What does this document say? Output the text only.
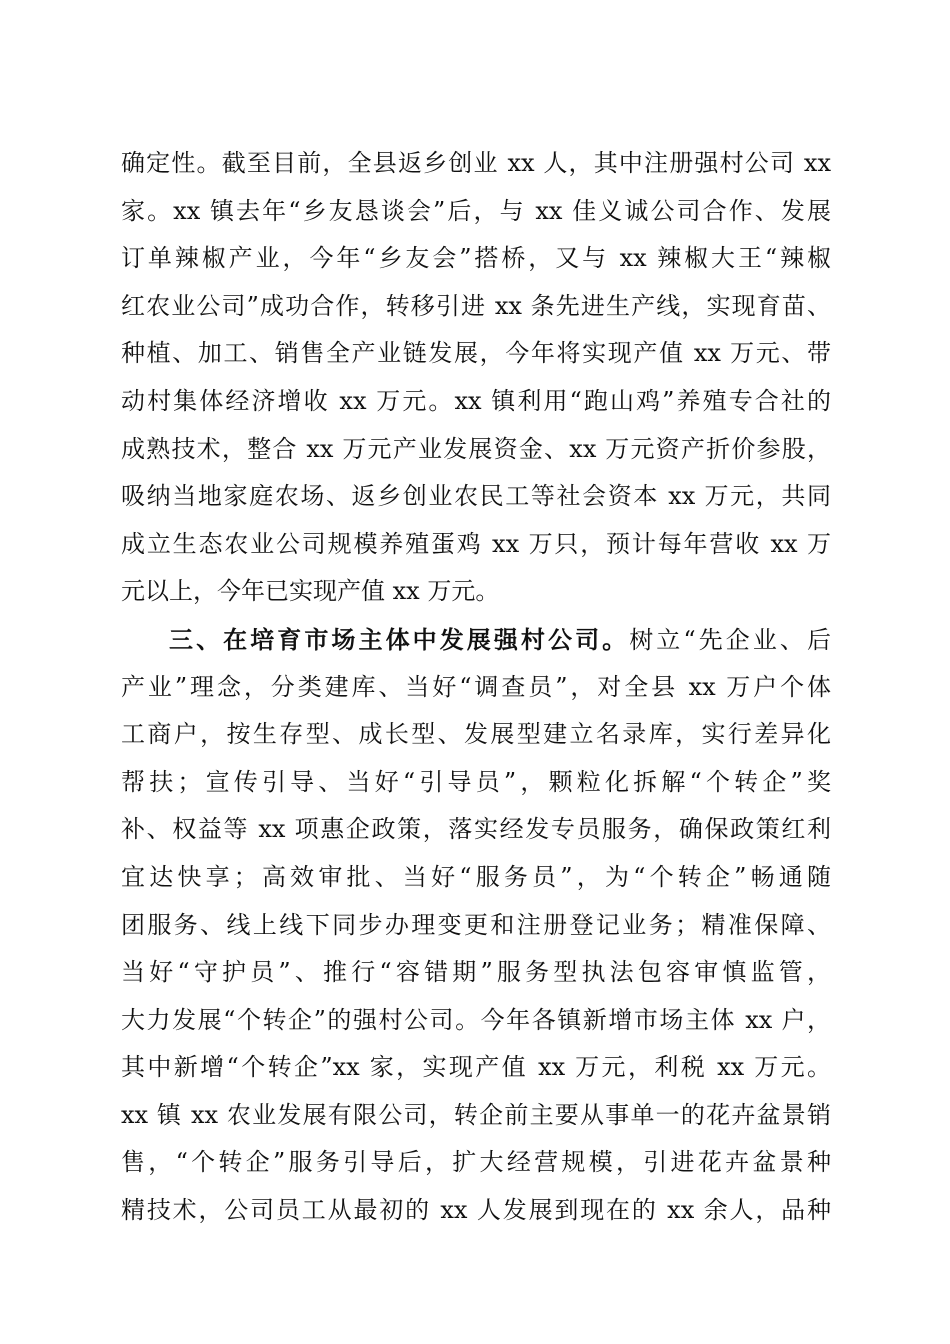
确定性。截至目前，全县返乡创业 xx 人，其中注册强村公司 xx
家。xx 镇去年“乡友恳谈会”后，与 xx 佳义诚公司合作、发展
订单辣椒产业，今年“乡友会”搭桥，又与 xx 辣椒大王“辣椒
红农业公司”成功合作，转移引进 xx 条先进生产线，实现育苗、
种植、加工、销售全产业链发展，今年将实现产值 xx 万元、带
动村集体经济增收 xx 万元。xx 镇利用“跑山鸡”养殖专合社的
成熟技术，整合 xx 万元产业发展资金、xx 万元资产折价参股，
吸纳当地家庭农场、返乡创业农民工等社会资本 xx 万元，共同
成立生态农业公司规模养殖蛋鸡 xx 万只，预计每年营收 xx 万
元以上，今年已实现产值 xx 万元。
三、在培育市场主体中发展强村公司。树立“先企业、后
产业”理念，分类建库、当好“调查员”，对全县 xx 万户个体
工商户，按生存型、成长型、发展型建立名录库，实行差异化
帮扶；宣传引导、当好“引导员”，颗粒化拆解“个转企”奖
补、权益等 xx 项惠企政策，落实经发专员服务，确保政策红利
宜达快享；高效审批、当好“服务员”，为“个转企”畅通随
团服务、线上线下同步办理变更和注册登记业务；精准保障、
当好“守护员”、推行“容错期”服务型执法包容审慎监管，
大力发展“个转企”的强村公司。今年各镇新增市场主体 xx 户，
其中新增“个转企”xx 家，实现产值 xx 万元，利税 xx 万元。
xx 镇 xx 农业发展有限公司，转企前主要从事单一的花卉盆景销
售，“个转企”服务引导后，扩大经营规模，引进花卉盆景种
精技术，公司员工从最初的 xx 人发展到现在的 xx 余人，品种
